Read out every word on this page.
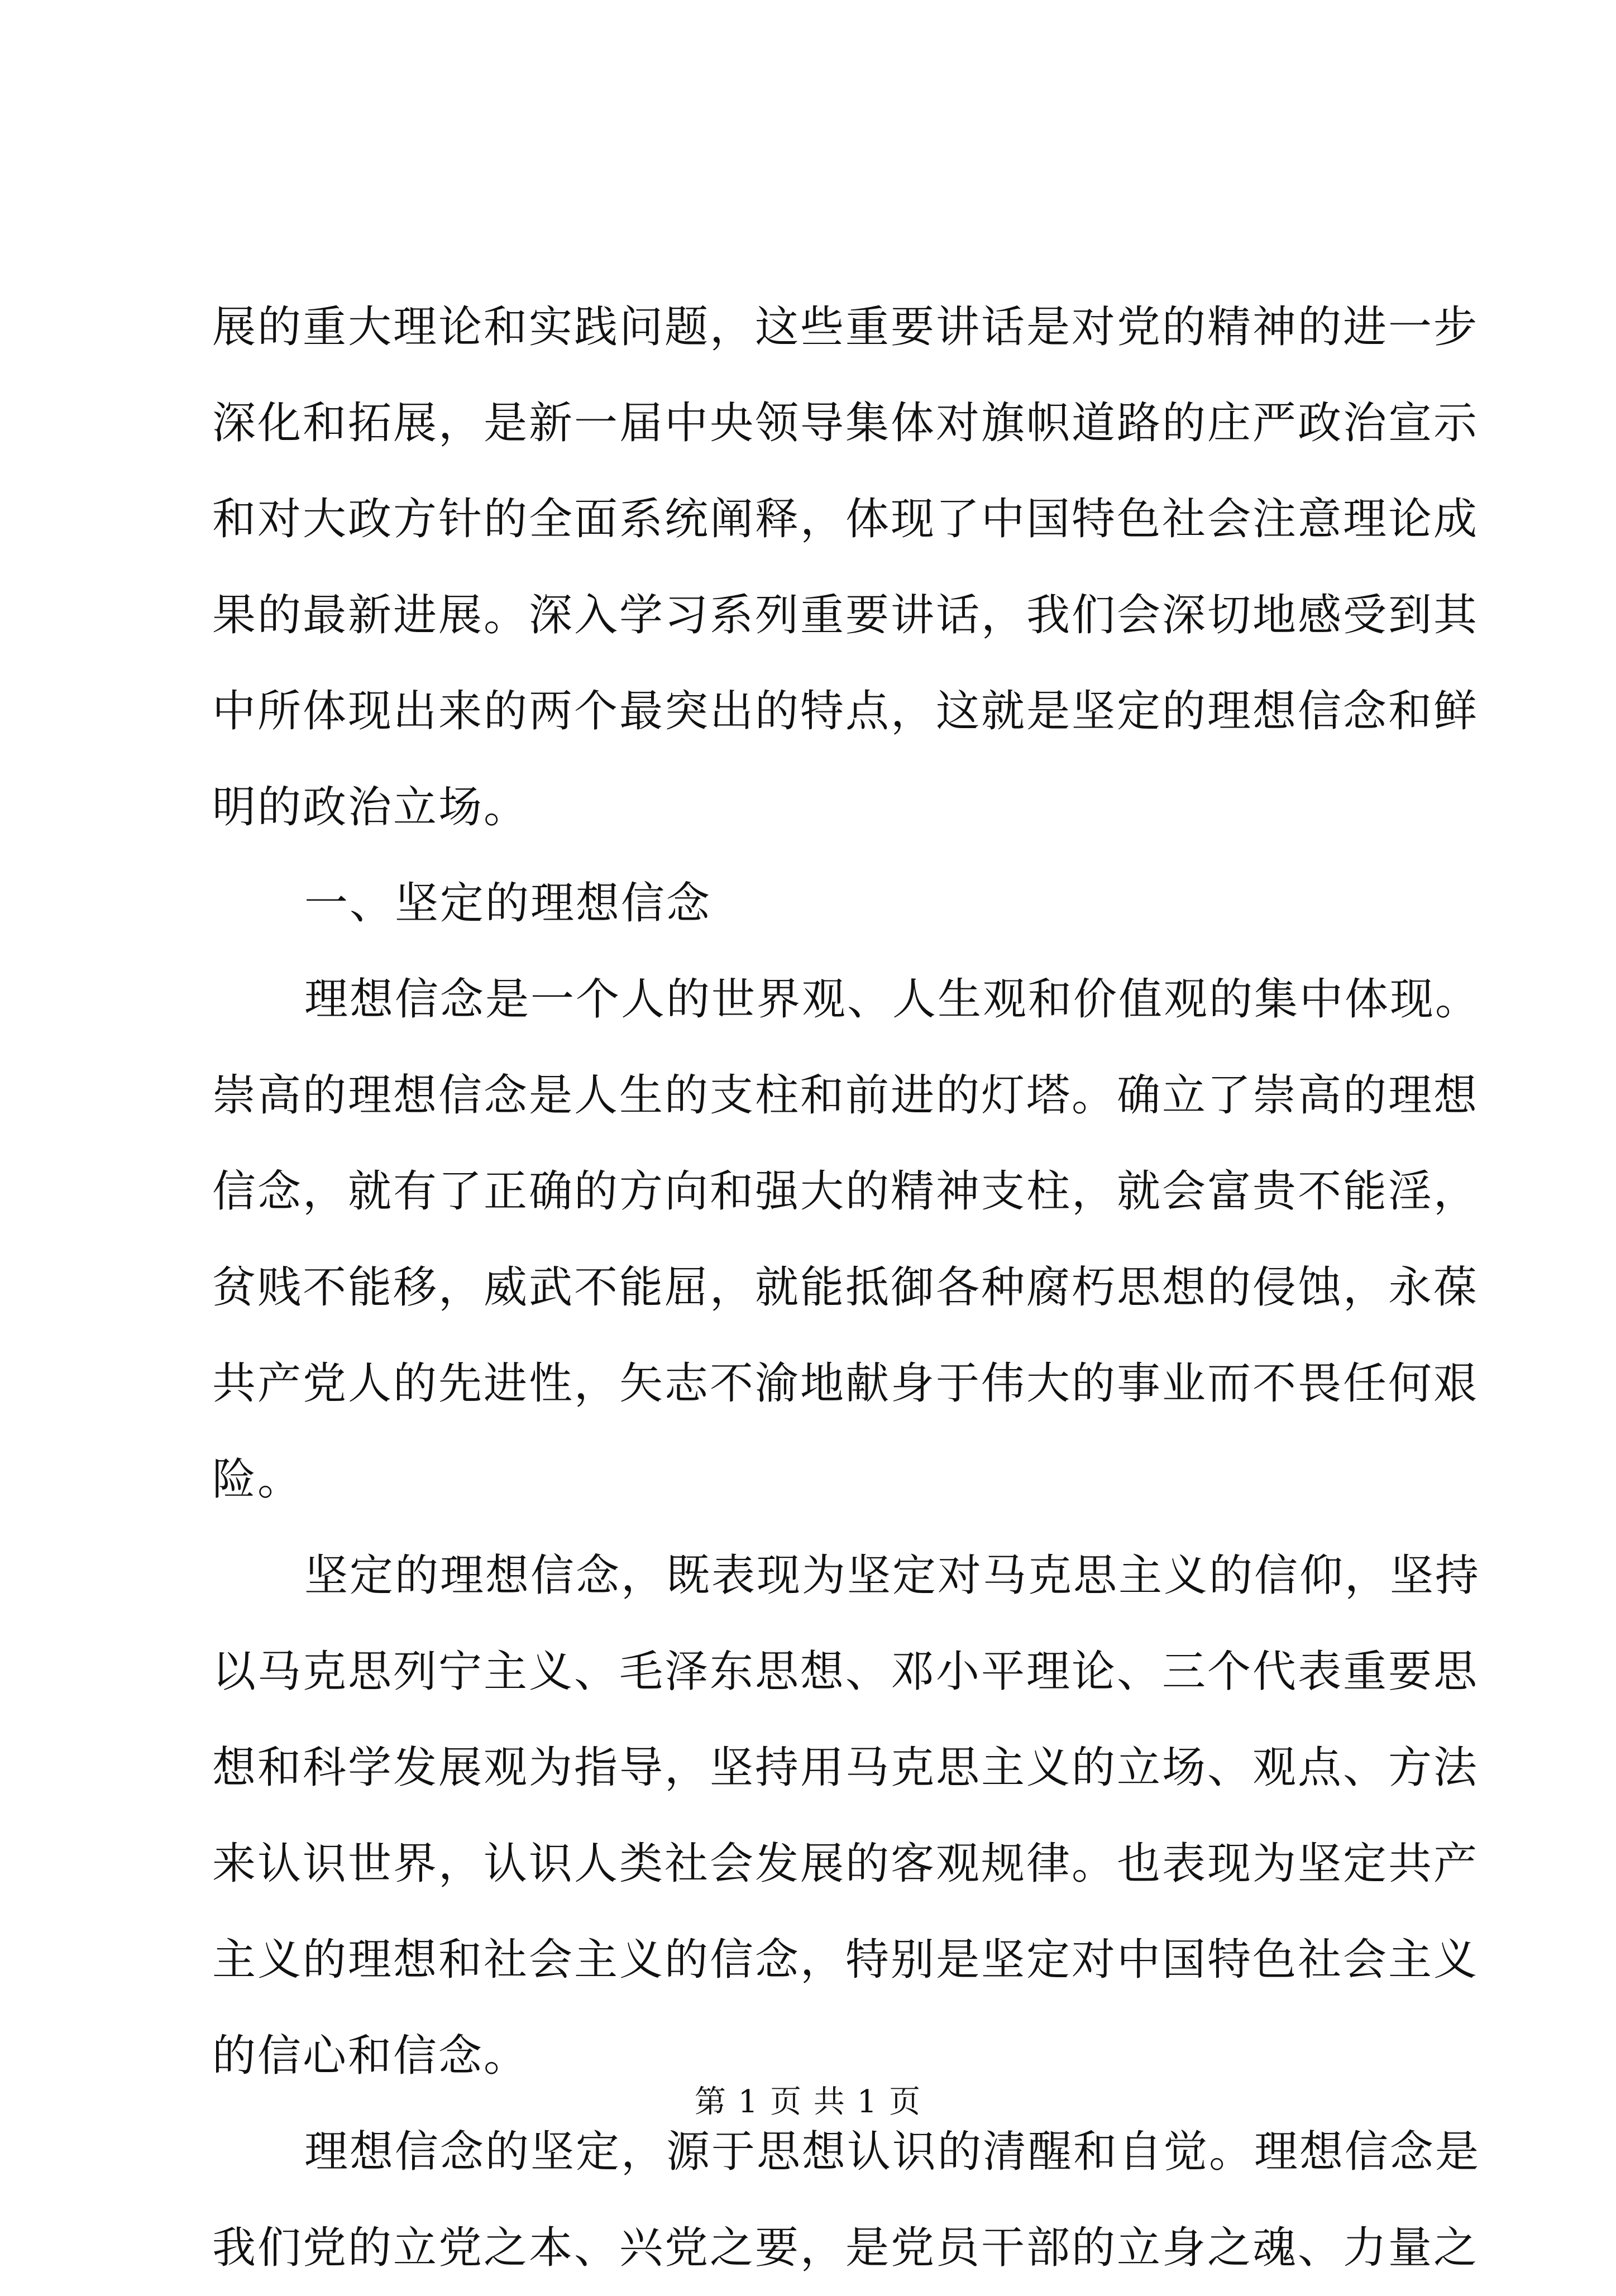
展的重大理论和实践问题，这些重要讲话是对党的精神的进一步
深化和拓展，是新一届中央领导集体对旗帜道路的庄严政治宣示
和对大政方针的全面系统阐释，体现了中国特色社会注意理论成
果的最新进展。深入学习系列重要讲话，我们会深切地感受到其
中所体现出来的两个最突出的特点，这就是坚定的理想信念和鲜
明的政治立场。
一、坚定的理想信念
理想信念是一个人的世界观、人生观和价值观的集中体现。
崇高的理想信念是人生的支柱和前进的灯塔。确立了崇高的理想
信念，就有了正确的方向和强大的精神支柱，就会富贵不能淫，
贫贱不能移，威武不能屈，就能抵御各种腐朽思想的侵蚀，永葆
共产党人的先进性，矢志不渝地献身于伟大的事业而不畏任何艰
险。
坚定的理想信念，既表现为坚定对马克思主义的信仰，坚持
以马克思列宁主义、毛泽东思想、邓小平理论、三个代表重要思
想和科学发展观为指导，坚持用马克思主义的立场、观点、方法
来认识世界，认识人类社会发展的客观规律。也表现为坚定共产
主义的理想和社会主义的信念，特别是坚定对中国特色社会主义
的信心和信念。
理想信念的坚定，源于思想认识的清醒和自觉。理想信念是
我们党的立党之本、兴党之要，是党员干部的立身之魂、力量之
第 1 页 共 1 页
